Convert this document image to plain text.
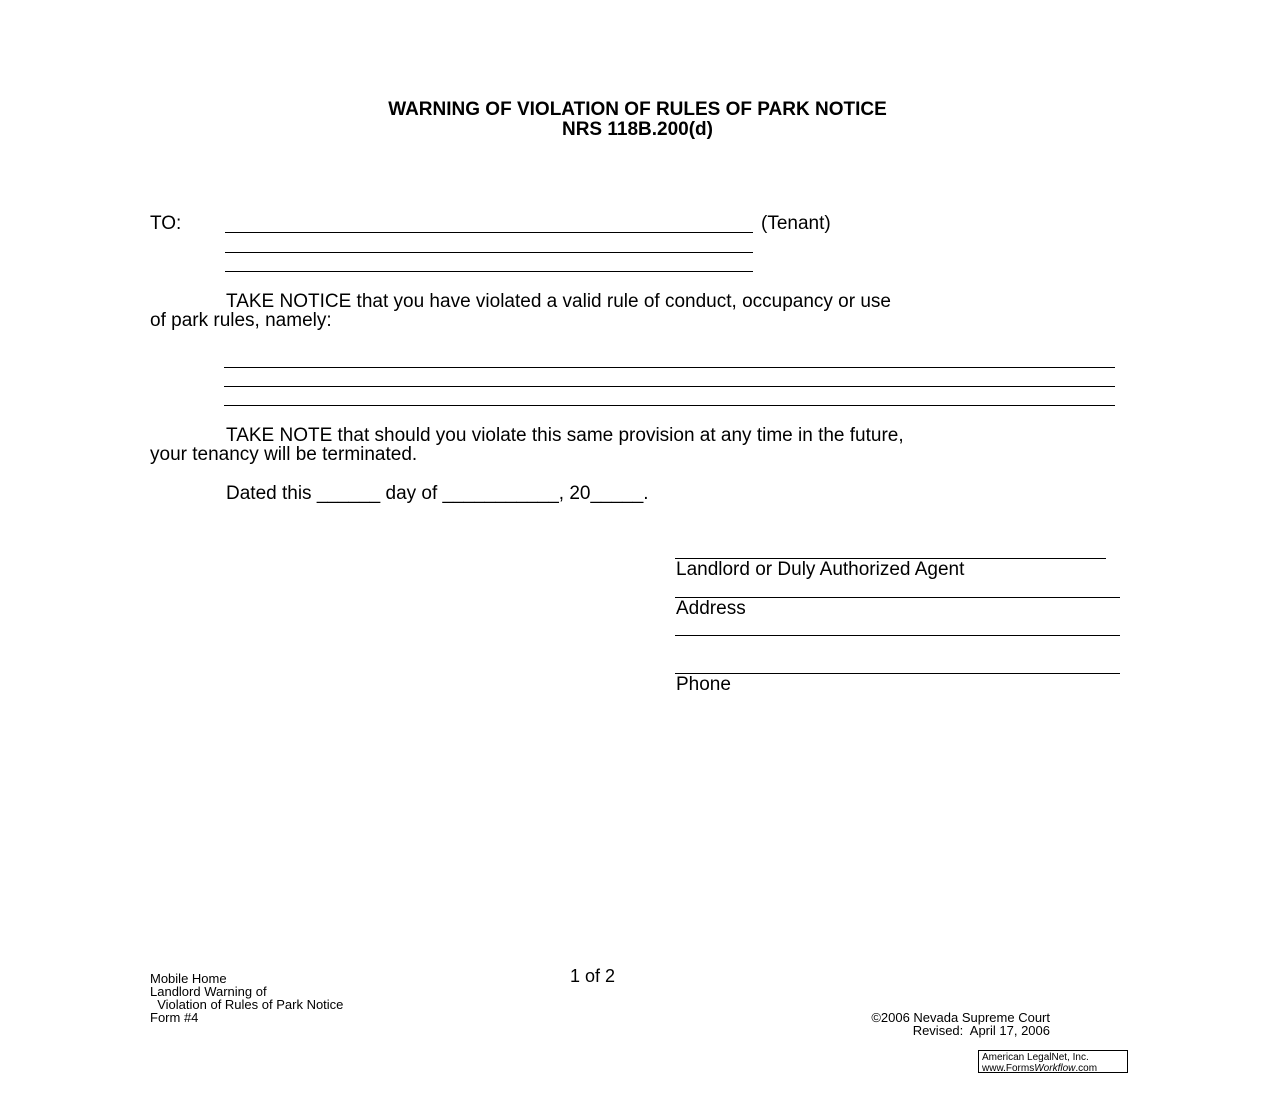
WARNING OF VIOLATION OF RULES OF PARK NOTICE
NRS 118B.200(d)
TO:	(Tenant)
TAKE NOTICE that you have violated a valid rule of conduct, occupancy or use
of park rules, namely:
TAKE NOTE that should you violate this same provision at any time in the future,
your tenancy will be terminated.
Dated this ______ day of ___________, 20_____.
Landlord or Duly Authorized Agent
Address
Phone
Mobile Home
Landlord Warning of
Violation of Rules of Park Notice
Form #4
1 of 2
©2006 Nevada Supreme Court
Revised:  April 17, 2006
American LegalNet, Inc.
www.FormsWorkflow.com
